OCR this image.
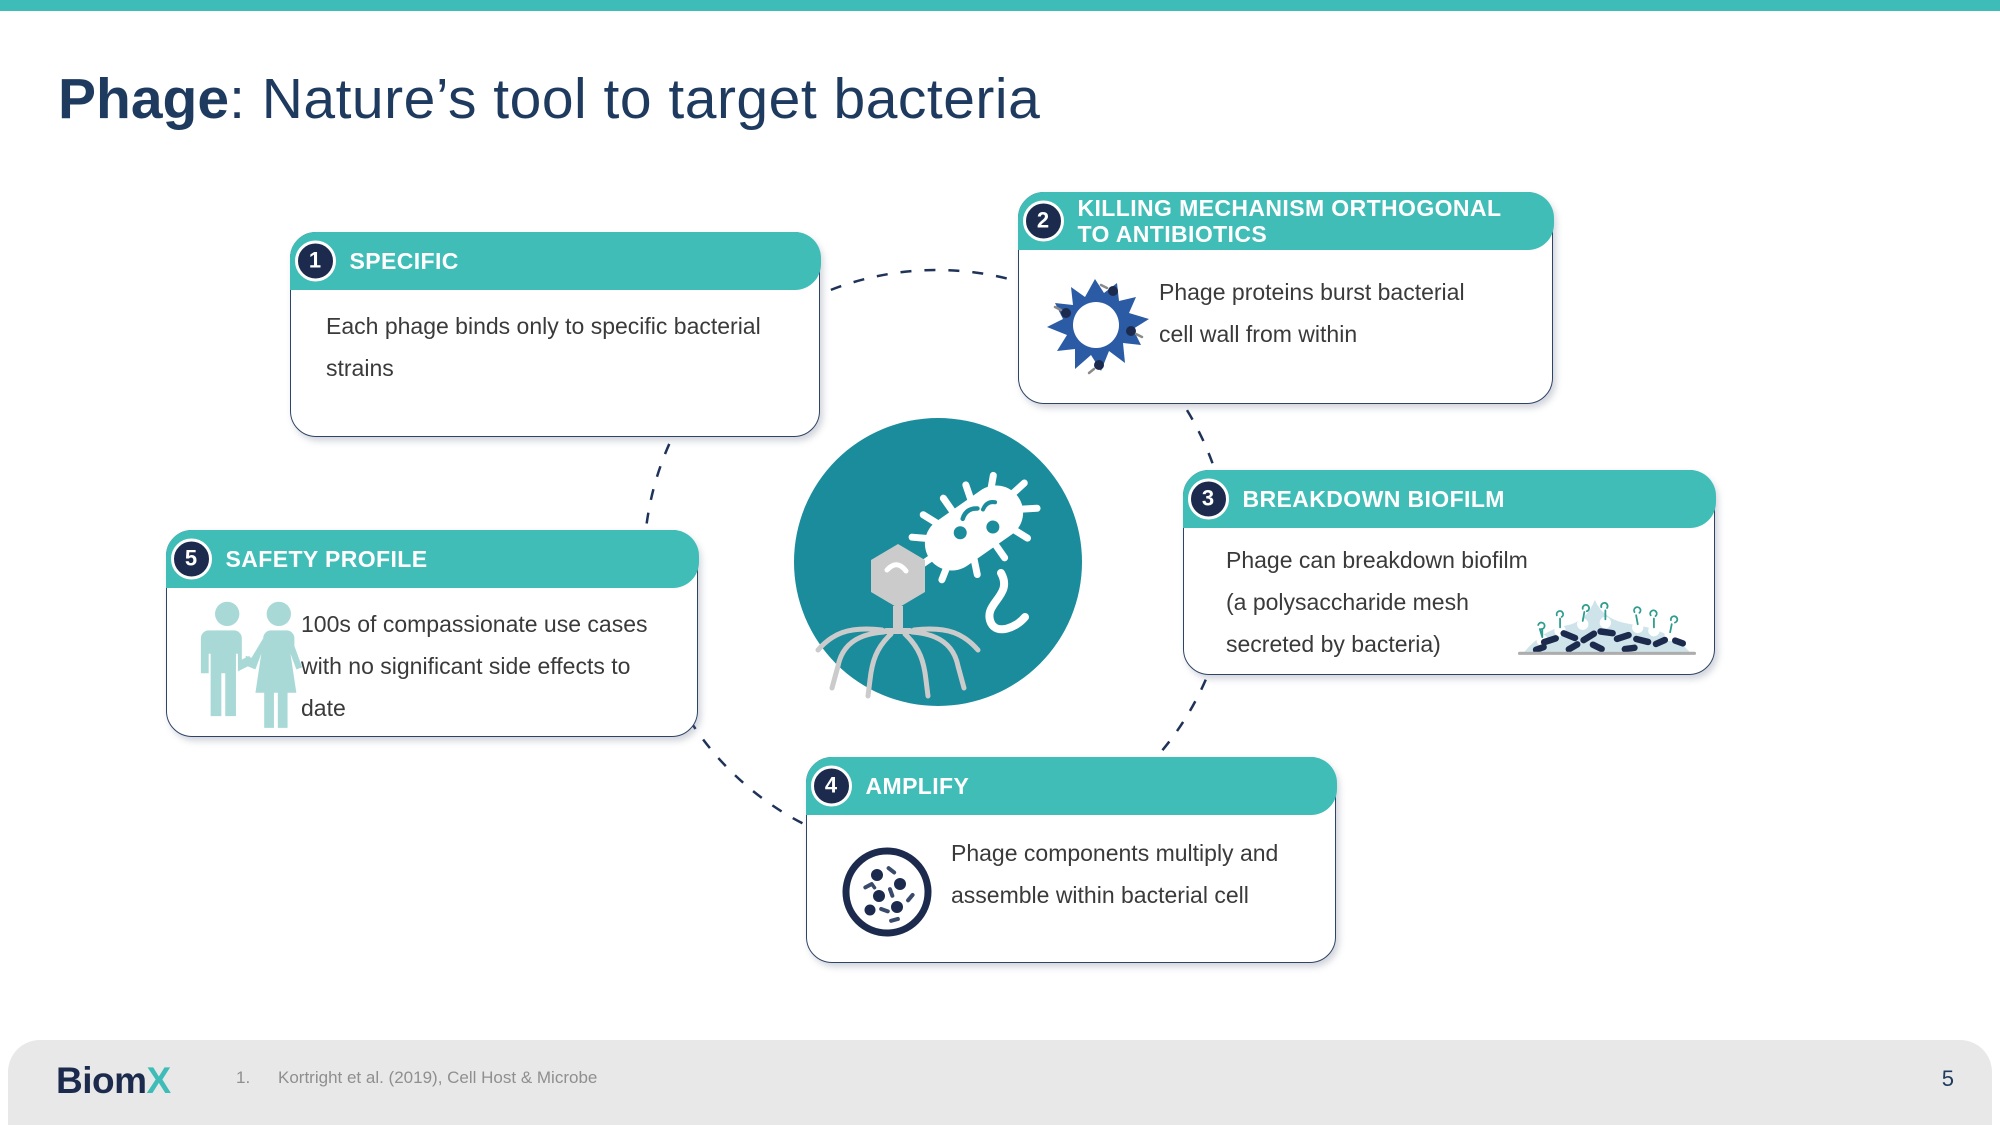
Phage: Nature’s tool to target bacteria
1 SPECIFIC
Each phage binds only to specific bacterial
strains
2 KILLING MECHANISM ORTHOGONAL
TO ANTIBIOTICS
Phage proteins burst bacterial
cell wall from within
3 BREAKDOWN BIOFILM
Phage can breakdown biofilm
(a polysaccharide mesh
secreted by bacteria)
4 AMPLIFY
Phage components multiply and
assemble within bacterial cell
5 SAFETY PROFILE
100s of compassionate use cases
with no significant side effects to
date
BiomX	1. Kortright et al. (2019), Cell Host & Microbe	5
